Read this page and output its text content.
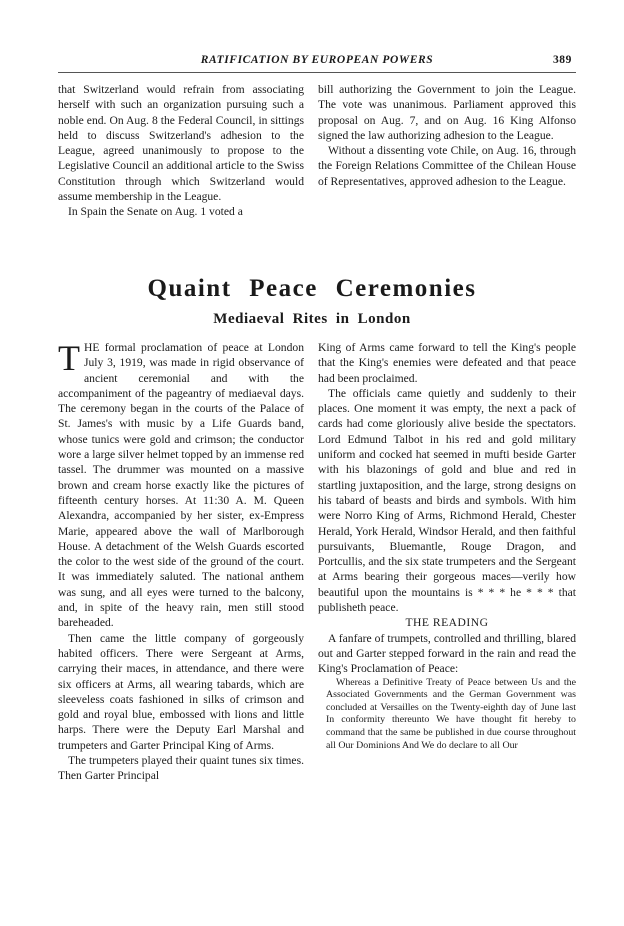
RATIFICATION BY EUROPEAN POWERS	389

that Switzerland would refrain from associating herself with such an organization pursuing such a noble end. On Aug. 8 the Federal Council, in sittings held to discuss Switzerland's adhesion to the League, agreed unanimously to propose to the Legislative Council an additional article to the Swiss Constitution through which Switzerland would assume membership in the League.

In Spain the Senate on Aug. 1 voted a

bill authorizing the Government to join the League. The vote was unanimous. Parliament approved this proposal on Aug. 7, and on Aug. 16 King Alfonso signed the law authorizing adhesion to the League.

Without a dissenting vote Chile, on Aug. 16, through the Foreign Relations Committee of the Chilean House of Representatives, approved adhesion to the League.

Quaint Peace Ceremonies
Mediaeval Rites in London

THE formal proclamation of peace at London July 3, 1919, was made in rigid observance of ancient ceremonial and with the accompaniment of the pageantry of mediaeval days. The ceremony began in the courts of the Palace of St. James's with music by a Life Guards band, whose tunics were gold and crimson; the conductor wore a large silver helmet topped by an immense red tassel. The drummer was mounted on a massive brown and cream horse exactly like the pictures of fifteenth century horses. At 11:30 A. M. Queen Alexandra, accompanied by her sister, ex-Empress Marie, appeared above the wall of Marlborough House. A detachment of the Welsh Guards escorted the color to the west side of the ground of the court. It was immediately saluted. The national anthem was sung, and all eyes were turned to the balcony, and, in spite of the heavy rain, men still stood bareheaded.

Then came the little company of gorgeously habited officers. There were Sergeant at Arms, carrying their maces, in attendance, and there were six officers at Arms, all wearing tabards, which are sleeveless coats fashioned in silks of crimson and gold and royal blue, embossed with lions and little harps. There were the Deputy Earl Marshal and trumpeters and Garter Principal King of Arms.

The trumpeters played their quaint tunes six times. Then Garter Principal

King of Arms came forward to tell the King's people that the King's enemies were defeated and that peace had been proclaimed.

The officials came quietly and suddenly to their places. One moment it was empty, the next a pack of cards had come gloriously alive beside the spectators. Lord Edmund Talbot in his red and gold military uniform and cocked hat seemed in mufti beside Garter with his blazonings of gold and blue and red in startling juxtaposition, and the large, strong designs on his tabard of beasts and birds and symbols. With him were Norro King of Arms, Richmond Herald, Chester Herald, York Herald, Windsor Herald, and then faithful pursuivants, Bluemantle, Rouge Dragon, and Portcullis, and the six state trumpeters and the Sergeant at Arms bearing their gorgeous maces—verily how beautiful upon the mountains is * * * he * * * that publisheth peace.

THE READING

A fanfare of trumpets, controlled and thrilling, blared out and Garter stepped forward in the rain and read the King's Proclamation of Peace:

Whereas a Definitive Treaty of Peace between Us and the Associated Governments and the German Government was concluded at Versailles on the Twenty-eighth day of June last In conformity thereunto We have thought fit hereby to command that the same be published in due course throughout all Our Dominions And We do declare to all Our
